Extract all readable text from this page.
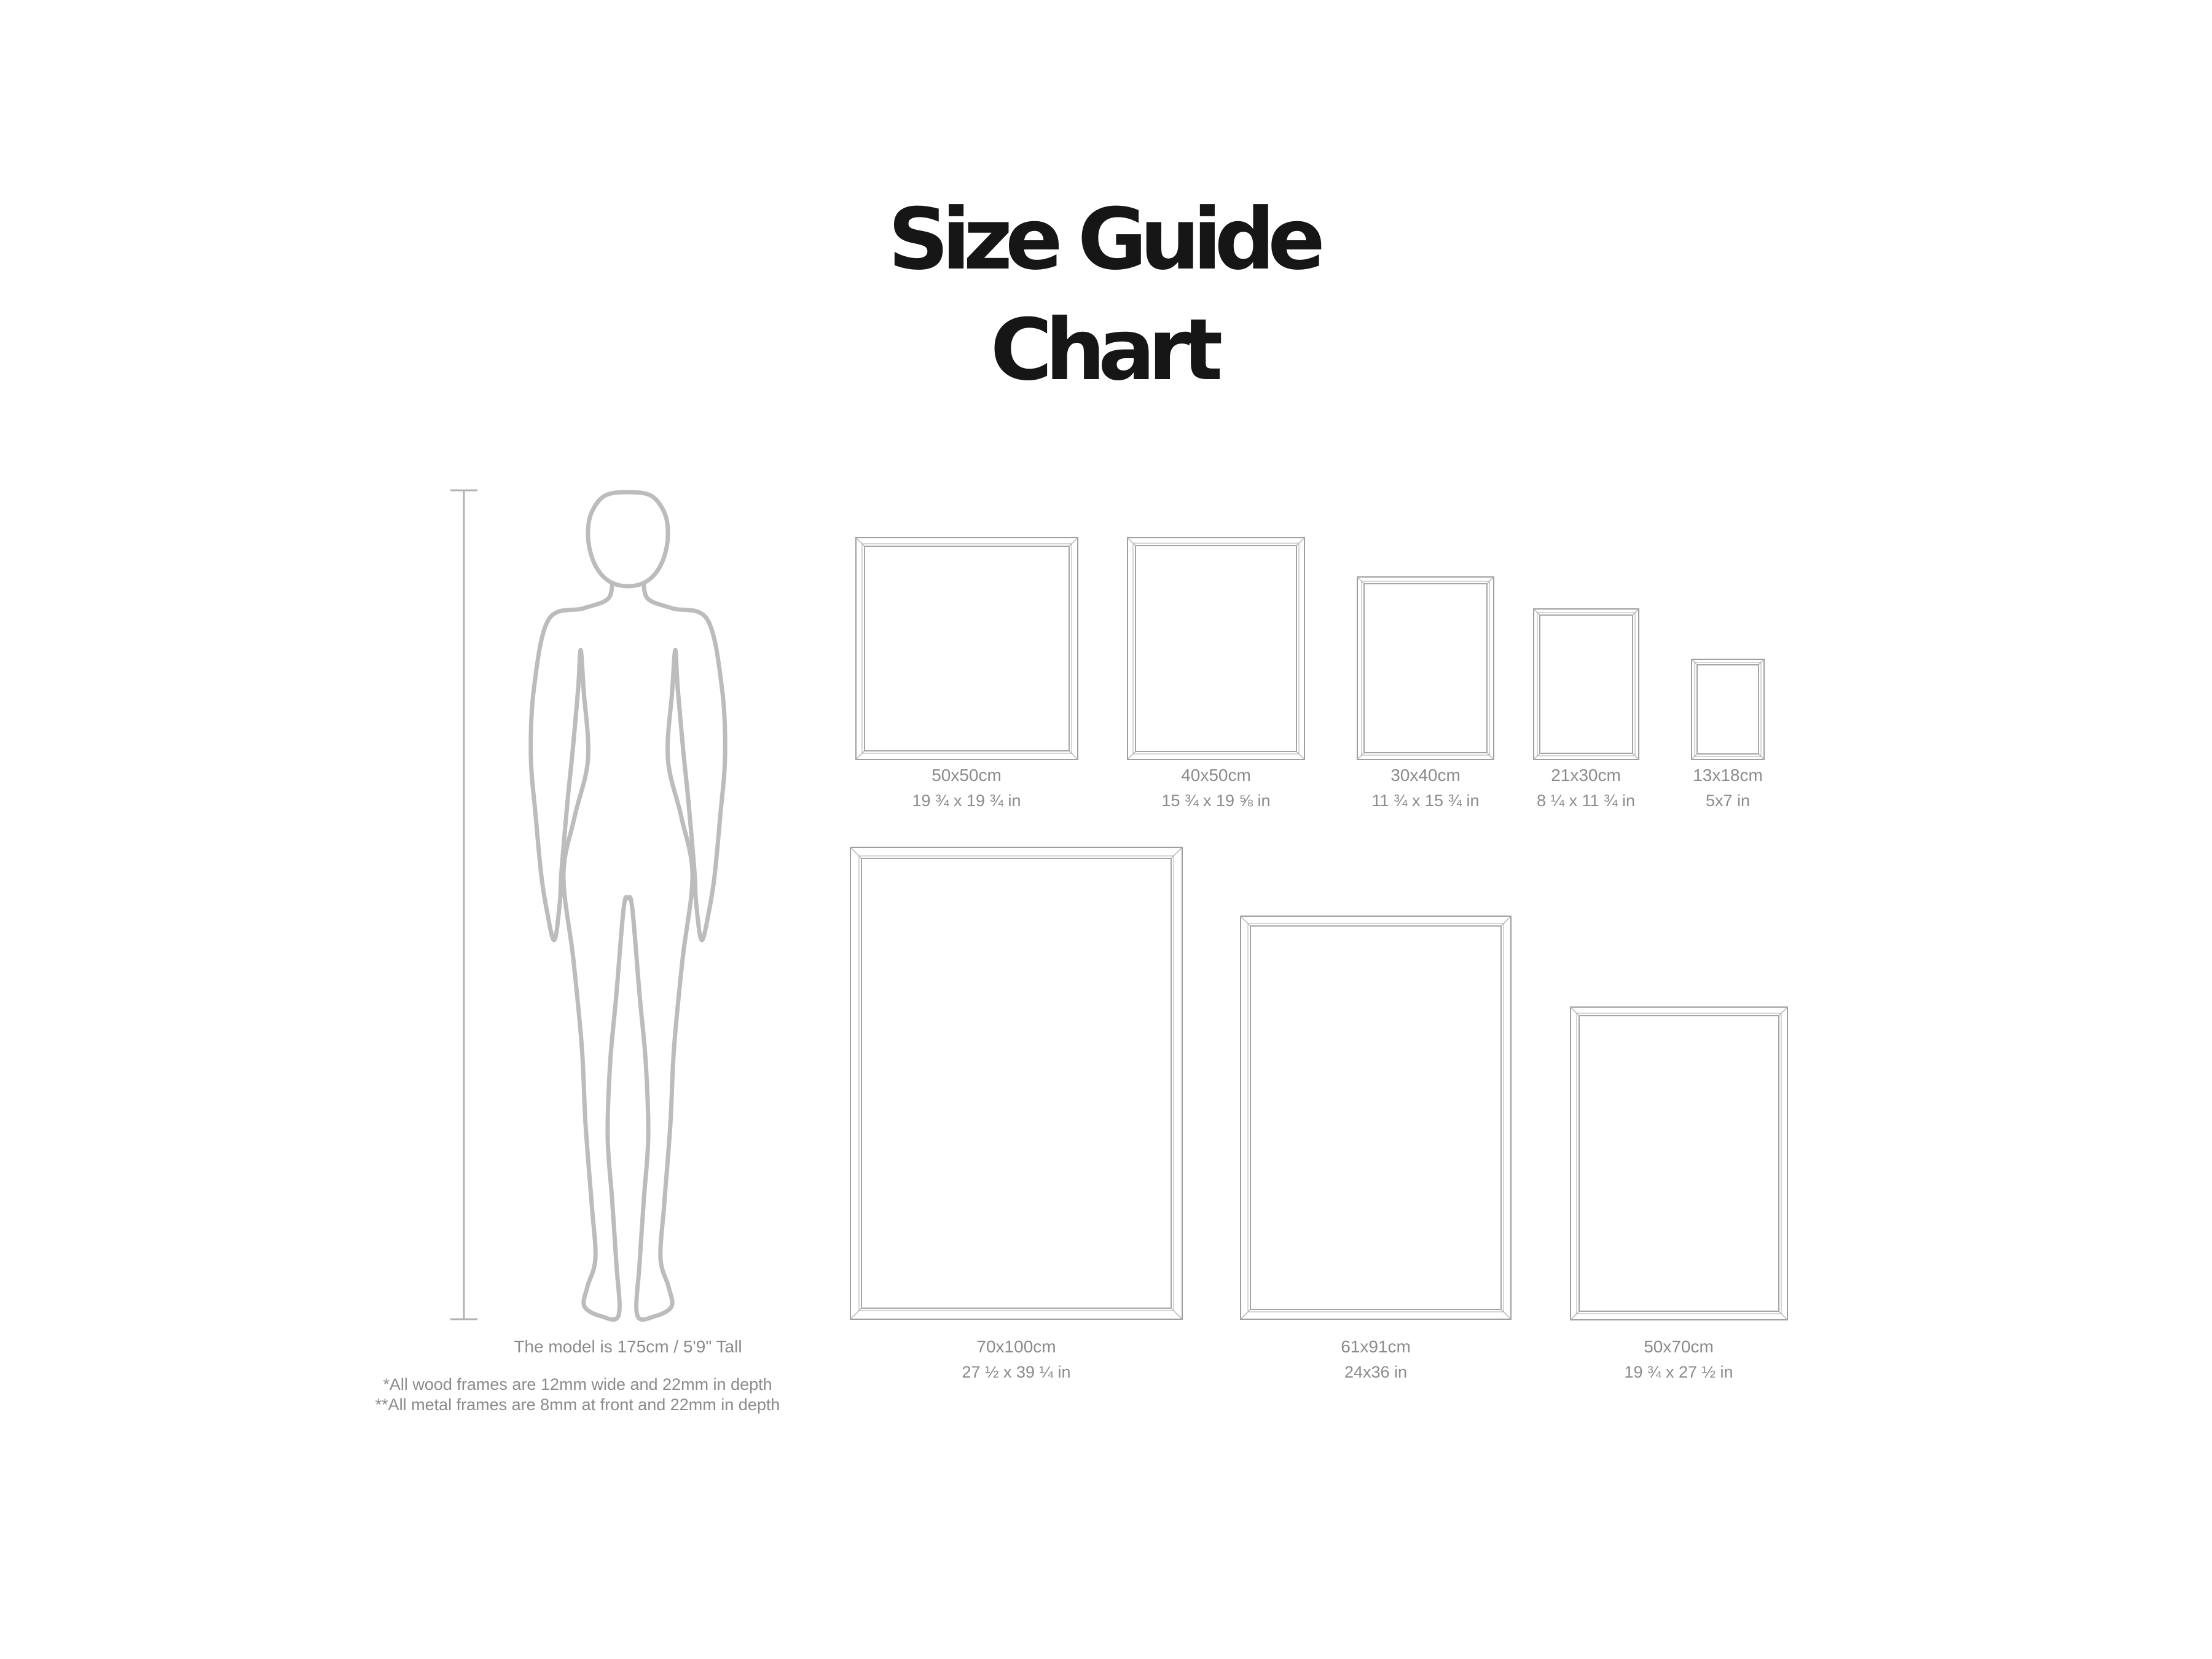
Size Guide
Chart
50x50cm
19 ¾ x 19 ¾ in
40x50cm
15 ¾ x 19 ⅝ in
30x40cm
11 ¾ x 15 ¾ in
21x30cm
8 ¼ x 11 ¾ in
13x18cm
5x7 in
70x100cm
27 ½ x 39 ¼ in
61x91cm
24x36 in
50x70cm
19 ¾ x 27 ½ in
The model is 175cm / 5'9" Tall
*All wood frames are 12mm wide and 22mm in depth
**All metal frames are 8mm at front and 22mm in depth
